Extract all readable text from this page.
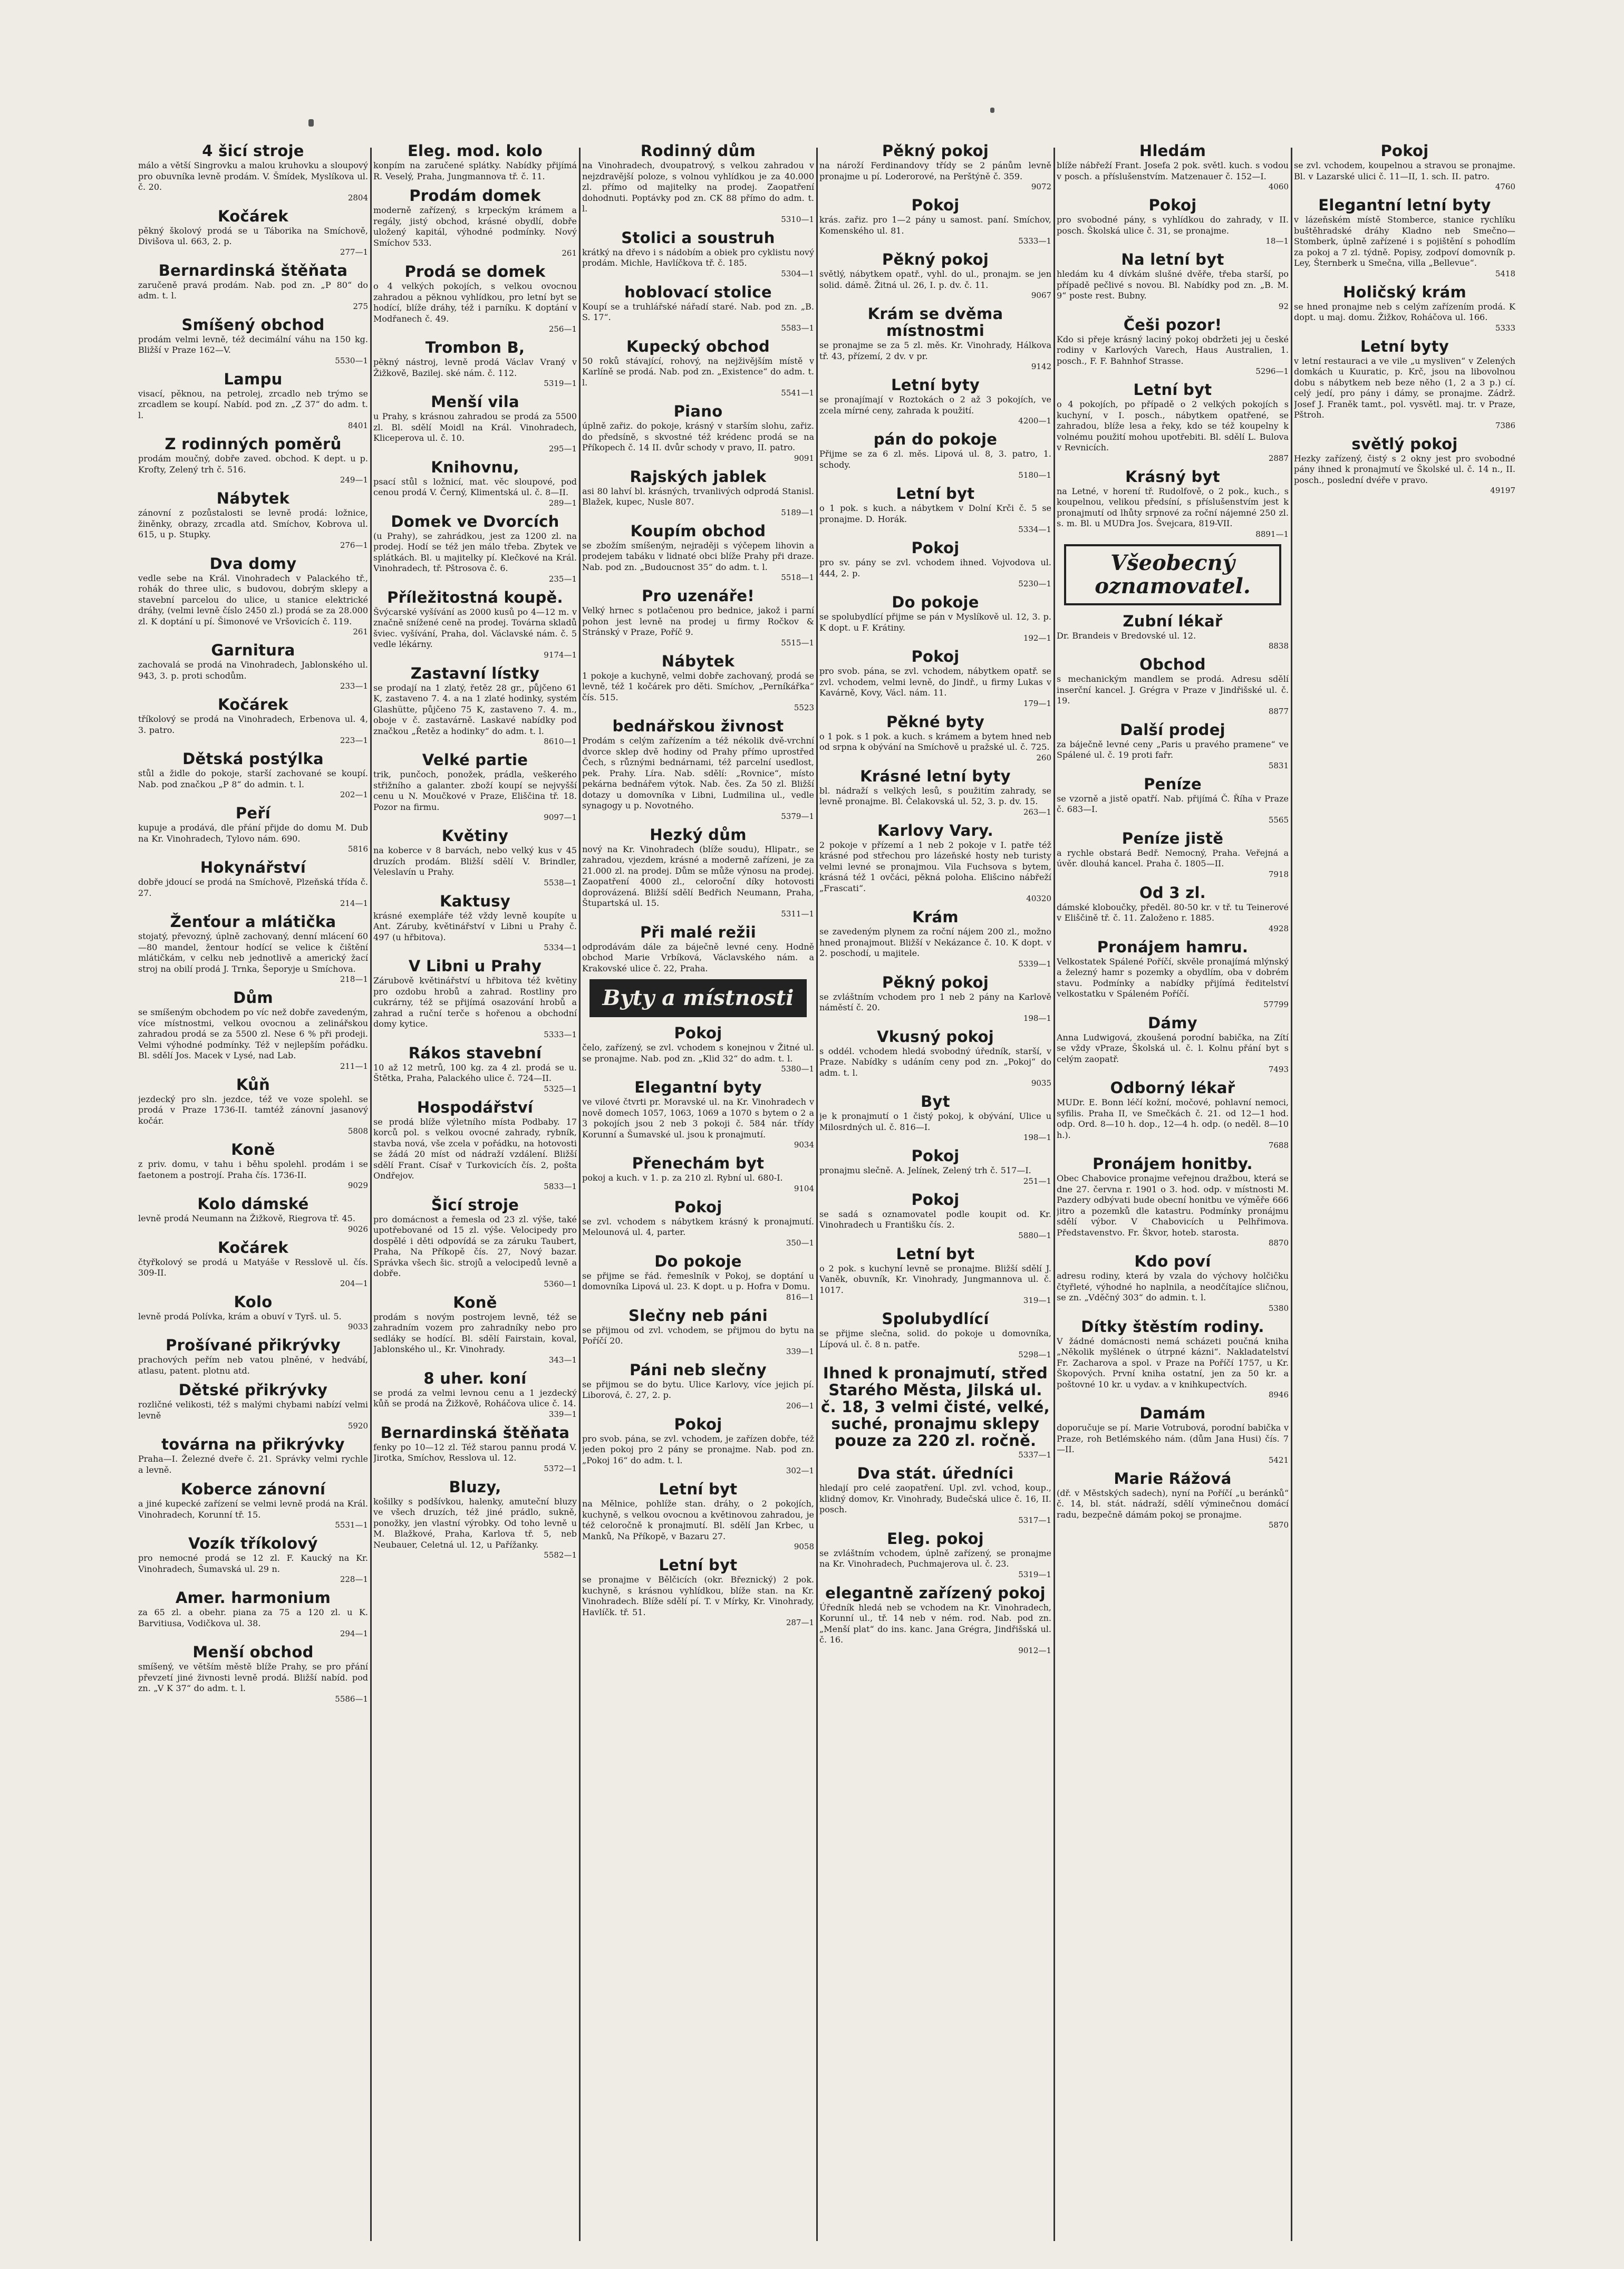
4 šicí stroje

málo a větší Singrovku a malou kruhovku a sloupový pro obuvníka levně prodám. V. Šmídek, Myslíkova ul. č. 20.

2804

Kočárek

pěkný školový prodá se u Táborika na Smíchově, Divišova ul. 663, 2. p.

277—1

Bernardinská štěňata

zaručeně pravá prodám. Nab. pod zn. „P 80“ do adm. t. l.

275

Smíšený obchod

prodám velmi levně, též decimální váhu na 150 kg. Bližší v Praze 162—V.

5530—1

Lampu

visací, pěknou, na petrolej, zrcadlo neb trýmo se zrcadlem se koupí. Nabíd. pod zn. „Z 37“ do adm. t. l.

8401

Z rodinných poměrů

prodám moučný, dobře zaved. obchod. K dept. u p. Krofty, Zelený trh č. 516.

249—1

Nábytek

zánovní z pozůstalosti se levně prodá: ložnice, žiněnky, obrazy, zrcadla atd. Smíchov, Kobrova ul. 615, u p. Stupky.

276—1

Dva domy

vedle sebe na Král. Vinohradech v Palackého tř., rohák do three ulic, s budovou, dobrým sklepy a stavební parcelou do ulice, u stanice elektrické dráhy, (velmi levně číslo 2450 zl.) prodá se za 28.000 zl. K doptání u pí. Šimonové ve Vršovicích č. 119.

261

Garnitura

zachovalá se prodá na Vinohradech, Jablonského ul. 943, 3. p. proti schodům.

233—1

Kočárek

tříkolový se prodá na Vinohradech, Erbenova ul. 4, 3. patro.

223—1

Dětská postýlka

stůl a židle do pokoje, starší zachované se koupí. Nab. pod značkou „P 8“ do admin. t. l.

202—1

Peří

kupuje a prodává, dle přání přijde do domu M. Dub na Kr. Vinohradech, Tylovo nám. 690.

5816

Hokynářství

dobře jdoucí se prodá na Smíchově, Plzeňská třída č. 27.

214—1

Ženťour a mlátička

stojatý, převozný, úplně zachovaný, denní mlácení 60—80 mandel, žentour hodící se velice k čištění mlátičkám, v celku neb jednotlivě a americký žací stroj na obilí prodá J. Trnka, Šeporyje u Smíchova.

218—1

Dům

se smíšeným obchodem po víc než dobře zavedeným, více místnostmi, velkou ovocnou a zelinářskou zahradou prodá se za 5500 zl. Nese 6 % při prodeji. Velmi výhodné podmínky. Též v nejlepším pořádku. Bl. sdělí Jos. Macek v Lysé, nad Lab.

211—1

Kůň

jezdecký pro sln. jezdce, též ve voze spolehl. se prodá v Praze 1736-II. tamtéž zánovní jasanový kočár.

5808

Koně

z priv. domu, v tahu i běhu spolehl. prodám i se faetonem a postrojí. Praha čís. 1736-II.

9029

Kolo dámské

levně prodá Neumann na Žižkově, Riegrova tř. 45.

9026

Kočárek

čtyřkolový se prodá u Matyáše v Resslově ul. čís. 309-II.

204—1

Kolo

levně prodá Polívka, krám a obuví v Tyrš. ul. 5.

9033

Prošívané přikrývky

prachových peřím neb vatou plněné, v hedvábí, atlasu, patent. plotnu atd.

Dětské přikrývky

rozličné velikosti, též s malými chybami nabízí velmi levně

5920

továrna na přikrývky

Praha—I. Železné dveře č. 21. Správky velmi rychle a levně.

Koberce zánovní

a jiné kupecké zařízení se velmi levně prodá na Král. Vinohradech, Korunní tř. 15.

5531—1

Vozík tříkolový

pro nemocné prodá se 12 zl. F. Kaucký na Kr. Vinohradech, Šumavská ul. 29 n.

228—1

Amer. harmonium

za 65 zl. a obehr. piana za 75 a 120 zl. u K. Barvitiusa, Vodičkova ul. 38.

294—1

Menší obchod

smíšený, ve větším městě blíže Prahy, se pro přání převzetí jiné živnosti levně prodá. Bližší nabíd. pod zn. „V K 37“ do adm. t. l.

5586—1

Eleg. mod. kolo

konpím na zaručené splátky. Nabídky přijímá R. Veselý, Praha, Jungmannova tř. č. 11.

Prodám domek

moderně zařízený, s krpeckým krámem a regály, jistý obchod, krásné obydlí, dobře uložený kapitál, výhodné podmínky. Nový Smíchov 533.

261

Prodá se domek

o 4 velkých pokojích, s velkou ovocnou zahradou a pěknou vyhlídkou, pro letní byt se hodící, blíže dráhy, též i parníku. K doptání v Modřanech č. 49.

256—1

Trombon B,

pěkný nástroj, levně prodá Václav Vraný v Žižkově, Bazilej. ské nám. č. 112.

5319—1

Menší vila

u Prahy, s krásnou zahradou se prodá za 5500 zl. Bl. sdělí Moidl na Král. Vinohradech, Kliceperova ul. č. 10.

295—1

Knihovnu,

psací stůl s ložnicí, mat. věc sloupové, pod cenou prodá V. Černý, Klimentská ul. č. 8—II.

289—1

Domek ve Dvorcích

(u Prahy), se zahrádkou, jest za 1200 zl. na prodej. Hodí se též jen málo třeba. Zbytek ve splátkách. Bl. u majitelky pí. Klečkové na Král. Vinohradech, tř. Pštrosova č. 6.

235—1

Příležitostná koupě.

Švýcarské vyšívání as 2000 kusů po 4—12 m. v značně snížené ceně na prodej. Továrna skladů šviec. vyšívání, Praha, dol. Václavské nám. č. 5 vedle lékárny.

9174—1

Zastavní lístky

se prodají na 1 zlatý, řetěz 28 gr., půjčeno 61 K, zastaveno 7. 4. a na 1 zlaté hodinky, systém Glashütte, půjčeno 75 K, zastaveno 7. 4. m., oboje v č. zastavárně. Laskavé nabídky pod značkou „Řetěz a hodinky“ do adm. t. l.

8610—1

Velké partie

trik, punčoch, ponožek, prádla, veškerého střižního a galanter. zboží koupí se nejvyšší cenu u N. Moučkové v Praze, Eliščina tř. 18. Pozor na firmu.

9097—1

Květiny

na koberce v 8 barvách, nebo velký kus v 45 druzích prodám. Bližší sdělí V. Brindler, Veleslavín u Prahy.

5538—1

Kaktusy

krásné exempláře též vždy levně koupíte u Ant. Záruby, květinářství v Libni u Prahy č. 497 (u hřbitova).

5334—1

V Libni u Prahy

Zárubově květinářství u hřbitova též květiny pro ozdobu hrobů a zahrad. Rostliny pro cukrárny, též se přijímá osazování hrobů a zahrad a ruční terče s hořenou a obchodní domy kytice.

5333—1

Rákos stavební

10 až 12 metrů, 100 kg. za 4 zl. prodá se u. Štětka, Praha, Palackého ulice č. 724—II.

5325—1

Hospodářství

se prodá blíže výletního místa Podbaby. 17 korců pol. s velkou ovocné zahrady, rybník, stavba nová, vše zcela v pořádku, na hotovosti se žádá 20 míst od nádraží vzdálení. Bližší sdělí Frant. Císař v Turkovicích čís. 2, pošta Ondřejov.

5833—1

Šicí stroje

pro domácnost a řemesla od 23 zl. výše, také upotřebované od 15 zl. výše. Velocipedy pro dospělé i děti odpovídá se za záruku Taubert, Praha, Na Příkopě čís. 27, Nový bazar. Správka všech šic. strojů a velocipedů levně a dobře.

5360—1

Koně

prodám s novým postrojem levně, též se zahradním vozem pro zahradníky nebo pro sedláky se hodící. Bl. sdělí Fairstain, koval, Jablonského ul., Kr. Vinohrady.

343—1

8 uher. koní

se prodá za velmi levnou cenu a 1 jezdecký kůň se prodá na Žižkově, Roháčova ulice č. 14.

339—1

Bernardinská štěňata

fenky po 10—12 zl. Též starou pannu prodá V. Jirotka, Smíchov, Resslova ul. 12.

5372—1

Bluzy,

košilky s podšívkou, halenky, amuteční bluzy ve všech druzích, též jiné prádlo, sukně, ponožky, jen vlastní výrobky. Od toho levně u M. Blažkové, Praha, Karlova tř. 5, neb Neubauer, Celetná ul. 12, u Pařížanky.

5582—1

Rodinný dům

na Vinohradech, dvoupatrový, s velkou zahradou v nejzdravější poloze, s volnou vyhlídkou je za 40.000 zl. přímo od majitelky na prodej. Zaopatření dohodnuti. Poptávky pod zn. CK 88 přímo do adm. t. l.

5310—1

Stolici a soustruh

krátký na dřevo i s nádobím a obiek pro cyklistu nový prodám. Michle, Havlíčkova tř. č. 185.

5304—1

hoblovací stolice

Koupí se a truhlářské nářadí staré. Nab. pod zn. „B. S. 17“.

5583—1

Kupecký obchod

50 roků stávající, rohový, na nejživějším místě v Karlíně se prodá. Nab. pod zn. „Existence“ do adm. t. l.

5541—1

Piano

úplně zařiz. do pokoje, krásný v starším slohu, zařiz. do předsíně, s skvostné též krédenc prodá se na Příkopech č. 14 II. dvůr schody v pravo, II. patro.

9091

Rajských jablek

asi 80 lahví bl. krásných, trvanlivých odprodá Stanisl. Blažek, kupec, Nusle 807.

5189—1

Koupím obchod

se zbožím smíšeným, nejraději s výčepem lihovin a prodejem tabáku v lidnaté obci blíže Prahy při draze. Nab. pod zn. „Budoucnost 35“ do adm. t. l.

5518—1

Pro uzenáře!

Velký hrnec s potlačenou pro bednice, jakož i parní pohon jest levně na prodej u firmy Ročkov & Stránský v Praze, Poříč 9.

5515—1

Nábytek

1 pokoje a kuchyně, velmi dobře zachovaný, prodá se levně, též 1 kočárek pro děti. Smíchov, „Perníkářka“ čís. 515.

5523

bednářskou živnost

Prodám s celým zařízením a též nékolik dvě-vrchní dvorce sklep dvě hodiny od Prahy přímo uprostřed Čech, s různými bednárnami, též parcelní usedlost, pek. Prahy. Líra. Nab. sdělí: „Rovnice“, místo pekárna bednářem výtok. Nab. čes. Za 50 zl. Bližší dotazy u domovníka v Libni, Ludmilina ul., vedle synagogy u p. Novotného.

5379—1

Hezký dům

nový na Kr. Vinohradech (blíže soudu), Hlipatr., se zahradou, vjezdem, krásné a moderně zařízeni, je za 21.000 zl. na prodej. Dům se může výnosu na prodej. Zaopatření 4000 zl., celoroční díky hotovosti doprovázená. Bližší sdělí Bedřich Neumann, Praha, Štupartská ul. 15.

5311—1

Při malé režii

odprodávám dále za báječně levné ceny. Hodně obchod Marie Vrbíková, Václavského nám. a Krakovské ulice č. 22, Praha.

Byty a místnosti
Pokoj

čelo, zařízený, se zvl. vchodem s konejnou v Žitné ul. se pronajme. Nab. pod zn. „Klid 32“ do adm. t. l.

5380—1

Elegantní byty

ve vilové čtvrti pr. Moravské ul. na Kr. Vinohradech v nově domech 1057, 1063, 1069 a 1070 s bytem o 2 a 3 pokojích jsou 2 neb 3 pokoji č. 584 nár. třídy Korunní a Šumavské ul. jsou k pronajmutí.

9034

Přenechám byt

pokoj a kuch. v 1. p. za 210 zl. Rybní ul. 680-I.

9104

Pokoj

se zvl. vchodem s nábytkem krásný k pronajmutí. Melounová ul. 4, parter.

350—1

Do pokoje

se přijme se řád. řemeslník v Pokoj, se doptání u domovníka Lipová ul. 23. K dopt. u p. Hofra v Domu.

816—1

Slečny neb páni

se přijmou od zvl. vchodem, se přijmou do bytu na Poříčí 20.

339—1

Páni neb slečny

se přijmou se do bytu. Ulice Karlovy, více jejich pí. Liborová, č. 27, 2. p.

206—1

Pokoj

pro svob. pána, se zvl. vchodem, je zařízen dobře, též jeden pokoj pro 2 pány se pronajme. Nab. pod zn. „Pokoj 16“ do adm. t. l.

302—1

Letní byt

na Mělnice, pohlíže stan. dráhy, o 2 pokojích, kuchyně, s velkou ovocnou a květinovou zahradou, je též celoročně k pronajmutí. Bl. sdělí Jan Krbec, u Manků, Na Příkopě, v Bazaru 27.

9058

Letní byt

se pronajme v Bělčicích (okr. Březnický) 2 pok. kuchyně, s krásnou vyhlídkou, blíže stan. na Kr. Vinohradech. Blíže sdělí pí. T. v Mírky, Kr. Vinohrady, Havlíčk. tř. 51.

287—1

Pěkný pokoj

na nároží Ferdinandovy třídy se 2 pánům levně pronajme u pí. Loderorové, na Perštýně č. 359.

9072

Pokoj

krás. zařiz. pro 1—2 pány u samost. paní. Smíchov, Komenského ul. 81.

5333—1

Pěkný pokoj

světlý, nábytkem opatř., vyhl. do ul., pronajm. se jen solid. dámě. Žitná ul. 26, I. p. dv. č. 11.

9067

Krám se dvěma místnostmi

se pronajme se za 5 zl. měs. Kr. Vinohrady, Hálkova tř. 43, přízemí, 2 dv. v pr.

9142

Letní byty

se pronajímají v Roztokách o 2 až 3 pokojích, ve zcela mírné ceny, zahrada k použití.

4200—1

pán do pokoje

Přijme se za 6 zl. měs. Lipová ul. 8, 3. patro, 1. schody.

5180—1

Letní byt

o 1 pok. s kuch. a nábytkem v Dolní Krči č. 5 se pronajme. D. Horák.

5334—1

Pokoj

pro sv. pány se zvl. vchodem ihned. Vojvodova ul. 444, 2. p.

5230—1

Do pokoje

se spolubydlící přijme se pán v Myslíkově ul. 12, 3. p. K dopt. u F. Krátiny.

192—1

Pokoj

pro svob. pána, se zvl. vchodem, nábytkem opatř. se zvl. vchodem, velmi levně, do Jindř., u firmy Lukas v Kavárně, Kovy, Václ. nám. 11.

179—1

Pěkné byty

o 1 pok. s 1 pok. a kuch. s krámem a bytem hned neb od srpna k obývání na Smíchově u pražské ul. č. 725.

260

Krásné letní byty

bl. nádraží s velkých lesů, s použitím zahrady, se levně pronajme. Bl. Čelakovská ul. 52, 3. p. dv. 15.

263—1

Karlovy Vary.

2 pokoje v přízemí a 1 neb 2 pokoje v I. patře též krásné pod střechou pro lázeňské hosty neb turisty velmi levné se pronajmou. Vila Fuchsova s bytem, krásná též 1 ovčáci, pěkná poloha. Elišcino nábřeží „Frascati“.

40320

Krám

se zavedeným plynem za roční nájem 200 zl., možno hned pronajmout. Bližší v Nekázance č. 10. K dopt. v 2. poschodí, u majitele.

5339—1

Pěkný pokoj

se zvláštním vchodem pro 1 neb 2 pány na Karlově náměstí č. 20.

198—1

Vkusný pokoj

s oddél. vchodem hledá svobodný úředník, starší, v Praze. Nabídky s udáním ceny pod zn. „Pokoj“ do adm. t. l.

9035

Byt

je k pronajmutí o 1 čistý pokoj, k obývání, Ulice u Milosrdných ul. č. 816—I.

198—1

Pokoj

pronajmu slečně. A. Jelínek, Zelený trh č. 517—I.

251—1

Pokoj

se sadá s oznamovatel podle koupit od. Kr. Vinohradech u Františku čís. 2.

5880—1

Letní byt

o 2 pok. s kuchyní levně se pronajme. Bližší sdělí J. Vaněk, obuvník, Kr. Vinohrady, Jungmannova ul. č. 1017.

319—1

Spolubydlící

se přijme slečna, solid. do pokoje u domovníka, Lípová ul. č. 8 n. patře.

5298—1

Ihned k pronajmutí, střed Starého Města, Jilská ul. č. 18, 3 velmi čisté, velké, suché, pronajmu sklepy pouze za 220 zl. ročně.

5337—1

Dva stát. úředníci

hledají pro celé zaopatření. Upl. zvl. vchod, koup., klidný domov, Kr. Vinohrady, Budečská ulice č. 16, II. posch.

5317—1

Eleg. pokoj

se zvláštním vchodem, úplně zařízený, se pronajme na Kr. Vinohradech, Puchmajerova ul. č. 23.

5319—1

elegantně zařízený pokoj

Úředník hledá neb se vchodem na Kr. Vinohradech, Korunní ul., tř. 14 neb v ném. rod. Nab. pod zn. „Menší plat“ do ins. kanc. Jana Grégra, Jindřišská ul. č. 16.

9012—1

Hledám

blíže nábřeží Frant. Josefa 2 pok. světl. kuch. s vodou v posch. a příslušenstvím. Matzenauer č. 152—I.

4060

Pokoj

pro svobodné pány, s vyhlídkou do zahrady, v II. posch. Školská ulice č. 31, se pronajme.

18—1

Na letní byt

hledám ku 4 dívkám slušné dvěře, třeba starší, po případě pečlivé s novou. Bl. Nabídky pod zn. „B. M. 9“ poste rest. Bubny.

92

Češi pozor!

Kdo si přeje krásný laciný pokoj obdržeti jej u české rodiny v Karlových Varech, Haus Australien, 1. posch., F. F. Bahnhof Strasse.

5296—1

Letní byt

o 4 pokojích, po případě o 2 velkých pokojích s kuchyní, v I. posch., nábytkem opatřené, se zahradou, blíže lesa a řeky, kdo se též koupelny k volnému použití mohou upotřebiti. Bl. sdělí L. Bulova v Revnicích.

2887

Krásný byt

na Letné, v horení tř. Rudolfově, o 2 pok., kuch., s koupelnou, velikou předsíní, s příslušenstvím jest k pronajmutí od lhůty srpnové za roční nájemné 250 zl. s. m. Bl. u MUDra Jos. Švejcara, 819-VII.

8891—1

Všeobecný oznamovatel.
Zubní lékař

Dr. Brandeis v Bredovské ul. 12.

8838

Obchod

s mechanickým mandlem se prodá. Adresu sdělí inserční kancel. J. Grégra v Praze v Jindřišské ul. č. 19.

8877

Další prodej

za báječně levné ceny „Paris u pravého pramene“ ve Spálené ul. č. 19 proti fařr.

5831

Peníze

se vzorně a jistě opatří. Nab. přijímá Č. Říha v Praze č. 683—I.

5565

Peníze jistě

a rychle obstará Bedř. Nemocný, Praha. Veřejná a úvěr. dlouhá kancel. Praha č. 1805—II.

7918

Od 3 zl.

dámské kloboučky, předěl. 80-50 kr. v tř. tu Teinerové v Eliščině tř. č. 11. Založeno r. 1885.

4928

Pronájem hamru.

Velkostatek Spálené Poříčí, skvěle pronajímá mlýnský a železný hamr s pozemky a obydlím, oba v dobrém stavu. Podmínky a nabídky přijímá ředitelství velkostatku v Spáleném Poříčí.

57799

Dámy

Anna Ludwigová, zkoušená porodní babička, na Zítí se vždy vPraze, Školská ul. č. l. Kolnu přání byt s celým zaopatř.

7493

Odborný lékař

MUDr. E. Bonn léčí kožní, močové, pohlavní nemoci, syfilis. Praha II, ve Smečkách č. 21. od 12—1 hod. odp. Ord. 8—10 h. dop., 12—4 h. odp. (o neděl. 8—10 h.).

7688

Pronájem honitby.

Obec Chabovice pronajme veřejnou dražbou, která se dne 27. června r. 1901 o 3. hod. odp. v místnosti M. Pazdery odbývati bude obecní honitbu ve výměře 666 jitro a pozemků dle katastru. Podmínky pronájmu sdělí výbor. V Chabovicích u Pelhřimova. Představenstvo. Fr. Škvor, hoteb. starosta.

8870

Kdo poví

adresu rodiny, která by vzala do výchovy holčičku čtyřleté, výhodné ho naplnila, a neodčítajíce sličnou, se zn. „Vděčný 303“ do admin. t. l.

5380

Dítky štěstím rodiny.

V žádné domácnosti nemá scházeti poučná kniha „Několik myšlének o útrpné kázni“. Nakladatelství Fr. Zacharova a spol. v Praze na Poříčí 1757, u Kr. Škopových. První kniha ostatní, jen za 50 kr. a poštovné 10 kr. u vydav. a v knihkupectvích.

8946

Damám

doporučuje se pí. Marie Votrubová, porodní babička v Praze, roh Betlémského nám. (dům Jana Husi) čís. 7—II.

5421

Marie Rážová

(dř. v Městských sadech), nyní na Poříčí „u beránků“ č. 14, bl. stát. nádraží, sdělí výminečnou domácí radu, bezpečně dámám pokoj se pronajme.

5870

Pokoj

se zvl. vchodem, koupelnou a stravou se pronajme. Bl. v Lazarské ulici č. 11—II, 1. sch. II. patro.

4760

Elegantní letní byty

v lázeňském místě Stomberce, stanice rychlíku buštěhradské dráhy Kladno neb Smečno—Stomberk, úplně zařízené i s pojištění s pohodlím za pokoj a 7 zl. týdně. Popisy, zodpoví domovník p. Ley, Šternberk u Smečna, villa „Bellevue“.

5418

Holičský krám

se hned pronajme neb s celým zařízením prodá. K dopt. u maj. domu. Žižkov, Roháčova ul. 166.

5333

Letní byty

v letní restauraci a ve vile „u mysliven“ v Zelených domkách u Kuuratic, p. Krč, jsou na libovolnou dobu s nábytkem neb beze něho (1, 2 a 3 p.) cí. celý jedí, pro pány i dámy, se pronajme. Zádrž. Josef J. Franěk tamt., pol. vysvětl. maj. tr. v Praze, Pštroh.

7386

světlý pokoj

Hezky zařízený, čistý s 2 okny jest pro svobodné pány ihned k pronajmutí ve Školské ul. č. 14 n., II. posch., poslední dvéře v pravo.

49197
